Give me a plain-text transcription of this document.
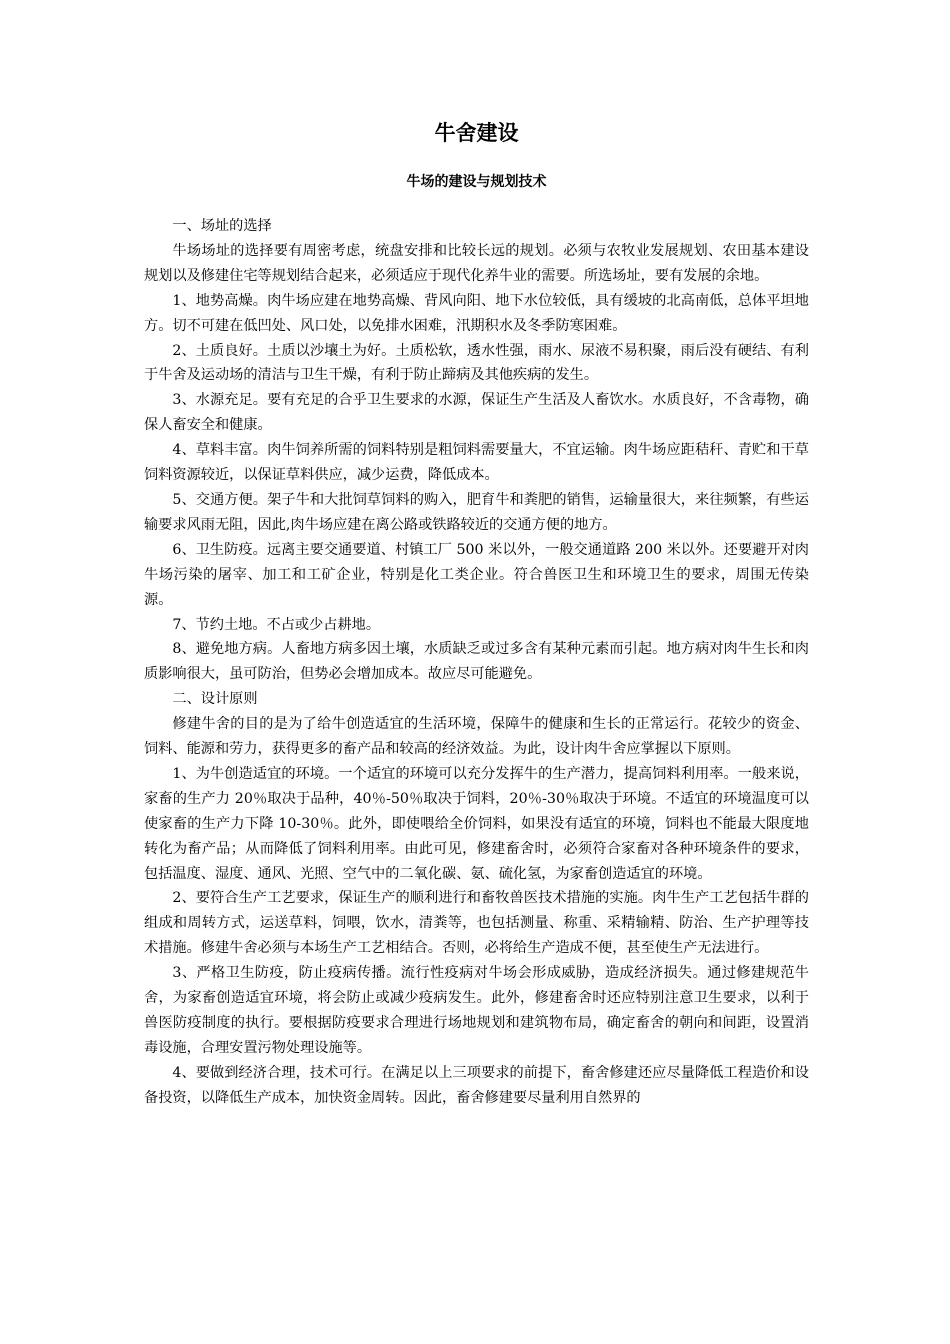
牛舍建设
牛场的建设与规划技术

一、场址的选择

牛场场址的选择要有周密考虑，统盘安排和比较长远的规划。必须与农牧业发展规划、农田基本建设规划以及修建住宅等规划结合起来，必须适应于现代化养牛业的需要。所选场址，要有发展的余地。

1、地势高燥。肉牛场应建在地势高燥、背风向阳、地下水位较低，具有缓坡的北高南低，总体平坦地方。切不可建在低凹处、风口处，以免排水困难，汛期积水及冬季防寒困难。

2、土质良好。土质以沙壤土为好。土质松软，透水性强，雨水、尿液不易积聚，雨后没有硬结、有利于牛舍及运动场的清洁与卫生干燥，有利于防止蹄病及其他疾病的发生。

3、水源充足。要有充足的合乎卫生要求的水源，保证生产生活及人畜饮水。水质良好，不含毒物，确保人畜安全和健康。

4、草料丰富。肉牛饲养所需的饲料特别是粗饲料需要量大，不宜运输。肉牛场应距秸秆、青贮和干草饲料资源较近，以保证草料供应，减少运费，降低成本。

5、交通方便。架子牛和大批饲草饲料的购入，肥育牛和粪肥的销售，运输量很大，来往频繁，有些运输要求风雨无阻，因此,肉牛场应建在离公路或铁路较近的交通方便的地方。

6、卫生防疫。远离主要交通要道、村镇工厂 500 米以外，一般交通道路 200 米以外。还要避开对肉牛场污染的屠宰、加工和工矿企业，特别是化工类企业。符合兽医卫生和环境卫生的要求，周围无传染源。

7、节约土地。不占或少占耕地。

8、避免地方病。人畜地方病多因土壤，水质缺乏或过多含有某种元素而引起。地方病对肉牛生长和肉质影响很大，虽可防治，但势必会增加成本。故应尽可能避免。

二、设计原则

修建牛舍的目的是为了给牛创造适宜的生活环境，保障牛的健康和生长的正常运行。花较少的资金、饲料、能源和劳力，获得更多的畜产品和较高的经济效益。为此，设计肉牛舍应掌握以下原则。

1、为牛创造适宜的环境。一个适宜的环境可以充分发挥牛的生产潜力，提高饲料利用率。一般来说，家畜的生产力 20％取决于品种，40％-50％取决于饲料，20％-30％取决于环境。不适宜的环境温度可以使家畜的生产力下降 10-30％。此外，即使喂给全价饲料，如果没有适宜的环境，饲料也不能最大限度地转化为畜产品；从而降低了饲料利用率。由此可见，修建畜舍时，必须符合家畜对各种环境条件的要求，包括温度、湿度、通风、光照、空气中的二氧化碳、氨、硫化氢，为家畜创造适宜的环境。

2、要符合生产工艺要求，保证生产的顺利进行和畜牧兽医技术措施的实施。肉牛生产工艺包括牛群的组成和周转方式，运送草料，饲喂，饮水，清粪等，也包括测量、称重、采精输精、防治、生产护理等技术措施。修建牛舍必须与本场生产工艺相结合。否则，必将给生产造成不便，甚至使生产无法进行。

3、严格卫生防疫，防止疫病传播。流行性疫病对牛场会形成威胁，造成经济损失。通过修建规范牛舍，为家畜创造适宜环境，将会防止或减少疫病发生。此外，修建畜舍时还应特别注意卫生要求，以利于兽医防疫制度的执行。要根据防疫要求合理进行场地规划和建筑物布局，确定畜舍的朝向和间距，设置消毒设施，合理安置污物处理设施等。

4、要做到经济合理，技术可行。在满足以上三项要求的前提下，畜舍修建还应尽量降低工程造价和设备投资，以降低生产成本，加快资金周转。因此，畜舍修建要尽量利用自然界的
